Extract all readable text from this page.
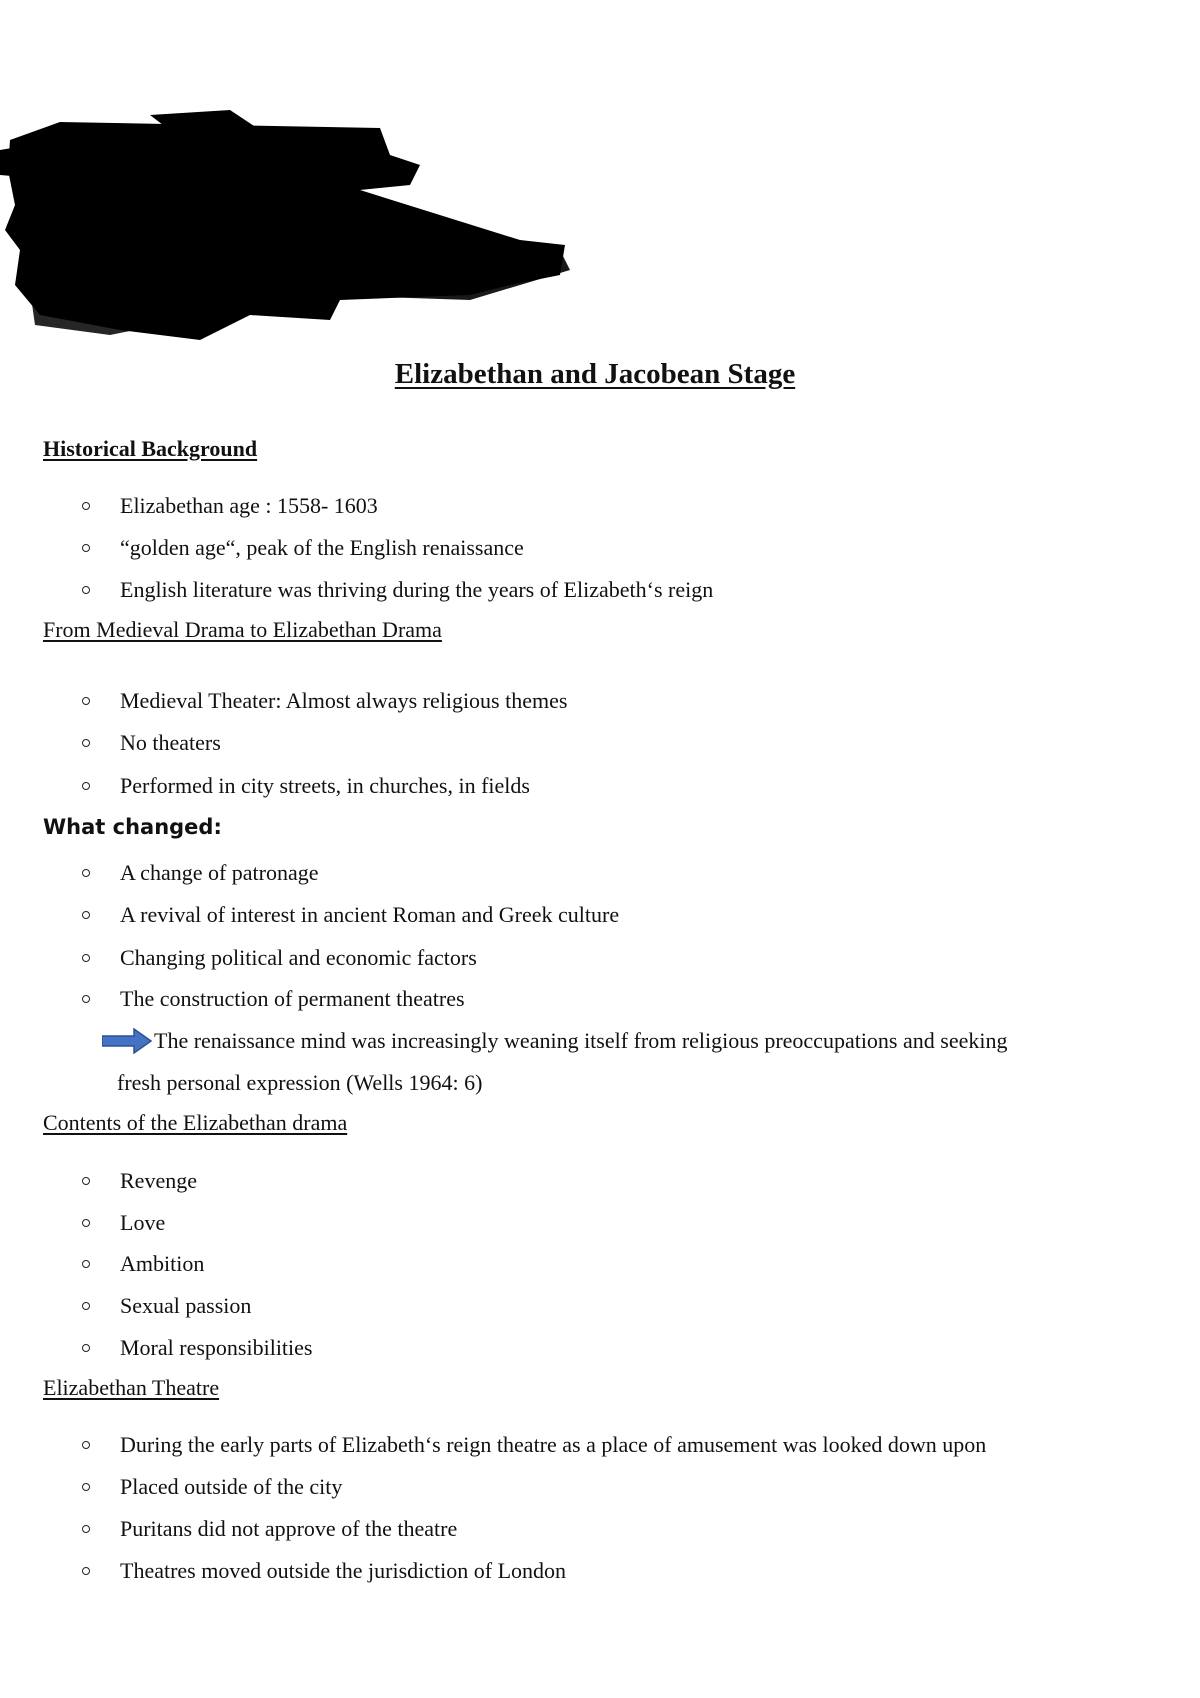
Elizabethan and Jacobean Stage
Historical Background
Elizabethan age : 1558- 1603
“golden age“, peak of the English renaissance
English literature was thriving during the years of Elizabeth‘s reign
From Medieval Drama to Elizabethan Drama
Medieval Theater: Almost always religious themes
No theaters
Performed in city streets, in churches, in fields
What changed:
A change of patronage
A revival of interest in ancient Roman and Greek culture
Changing political and economic factors
The construction of permanent theatres
The renaissance mind was increasingly weaning itself from religious preoccupations and seeking
fresh personal expression (Wells 1964: 6)
Contents of the Elizabethan drama
Revenge
Love
Ambition
Sexual passion
Moral responsibilities
Elizabethan Theatre
During the early parts of Elizabeth‘s reign theatre as a place of amusement was looked down upon
Placed outside of the city
Puritans did not approve of the theatre
Theatres moved outside the jurisdiction of London
